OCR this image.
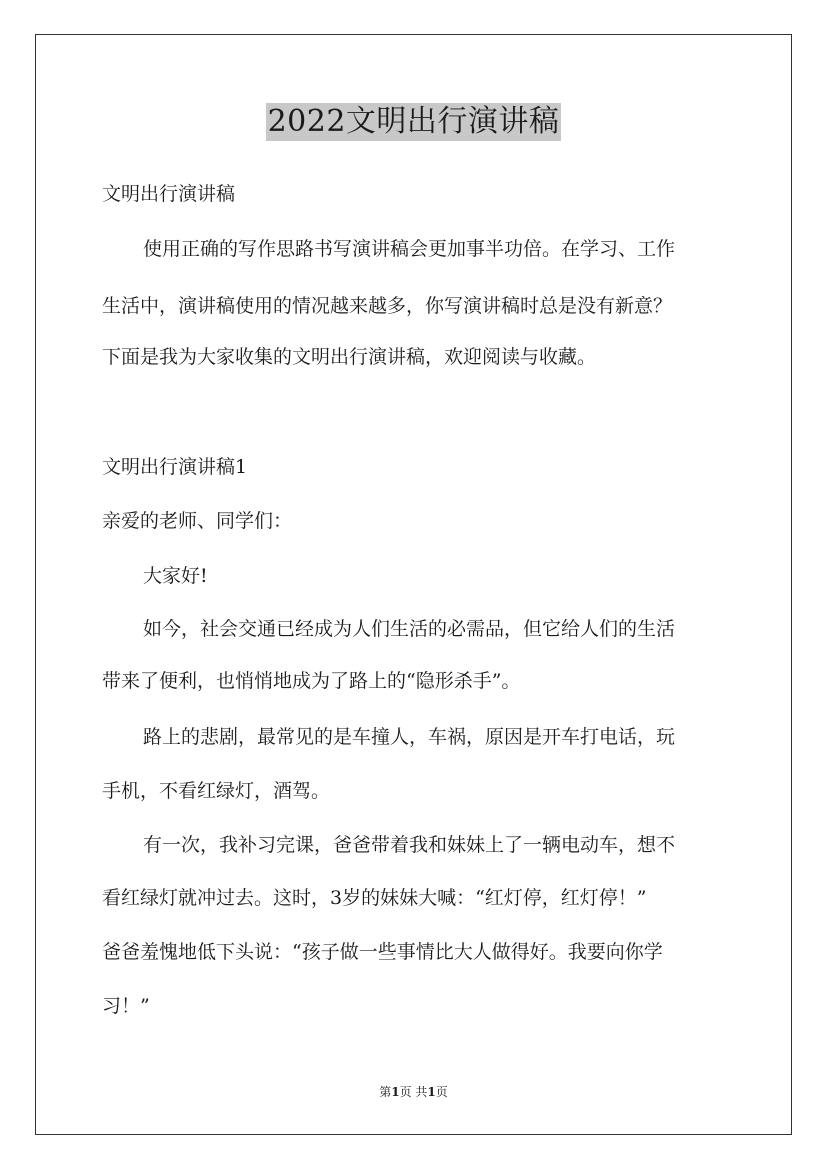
2022文明出行演讲稿
文明出行演讲稿
使用正确的写作思路书写演讲稿会更加事半功倍。在学习、工作
生活中，演讲稿使用的情况越来越多，你写演讲稿时总是没有新意？
下面是我为大家收集的文明出行演讲稿，欢迎阅读与收藏。
文明出行演讲稿1
亲爱的老师、同学们：
大家好!
如今，社会交通已经成为人们生活的必需品，但它给人们的生活
带来了便利，也悄悄地成为了路上的“隐形杀手”。
路上的悲剧，最常见的是车撞人，车祸，原因是开车打电话，玩
手机，不看红绿灯，酒驾。
有一次，我补习完课，爸爸带着我和妹妹上了一辆电动车，想不
看红绿灯就冲过去。这时，3岁的妹妹大喊：“红灯停，红灯停！”
爸爸羞愧地低下头说：“孩子做一些事情比大人做得好。我要向你学
习！”
第1页 共1页
